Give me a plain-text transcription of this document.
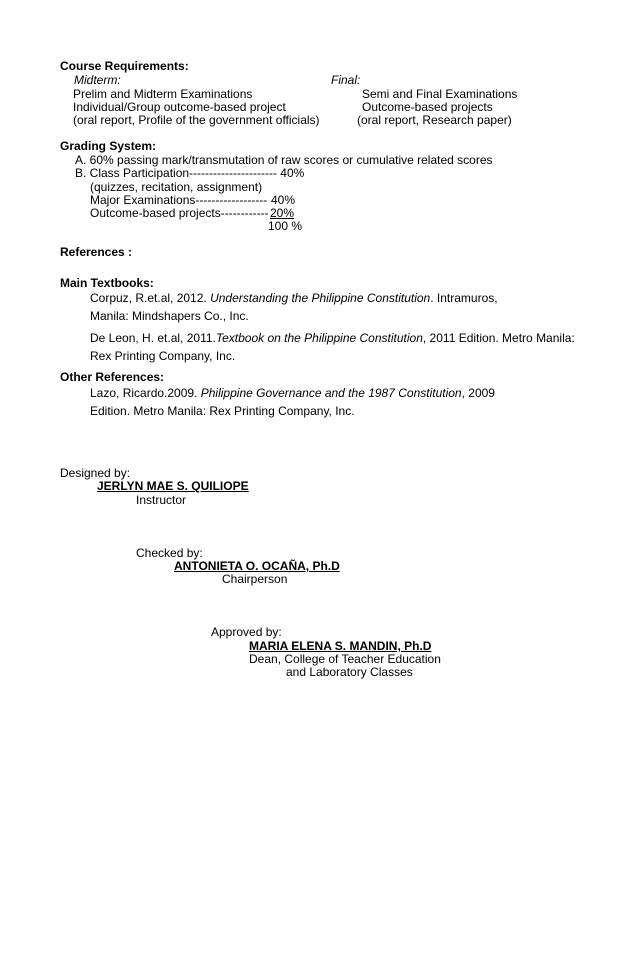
Course Requirements:
Midterm:	Final:
Prelim and Midterm Examinations
Individual/Group outcome-based project
(oral report, Profile of the government officials)
Semi and Final Examinations
Outcome-based projects
(oral report, Research paper)
Grading System:
A. 60% passing mark/transmutation of raw scores or cumulative related scores
B. Class Participation---------------------- 40%
(quizzes, recitation, assignment)
Major Examinations------------------ 40%
Outcome-based projects------------ 20%
100 %
References :
Main Textbooks:
Corpuz, R.et.al, 2012. Understanding the Philippine Constitution. Intramuros, Manila: Mindshapers Co., Inc.
De Leon, H. et.al, 2011.Textbook on the Philippine Constitution, 2011 Edition. Metro Manila: Rex Printing Company, Inc.
Other References:
Lazo, Ricardo.2009. Philippine Governance and the 1987 Constitution, 2009 Edition. Metro Manila: Rex Printing Company, Inc.
Designed by:
JERLYN MAE S. QUILIOPE
Instructor
Checked by:
ANTONIETA O. OCAÑA, Ph.D
Chairperson
Approved by:
MARIA ELENA S. MANDIN, Ph.D
Dean, College of Teacher Education
and Laboratory Classes
